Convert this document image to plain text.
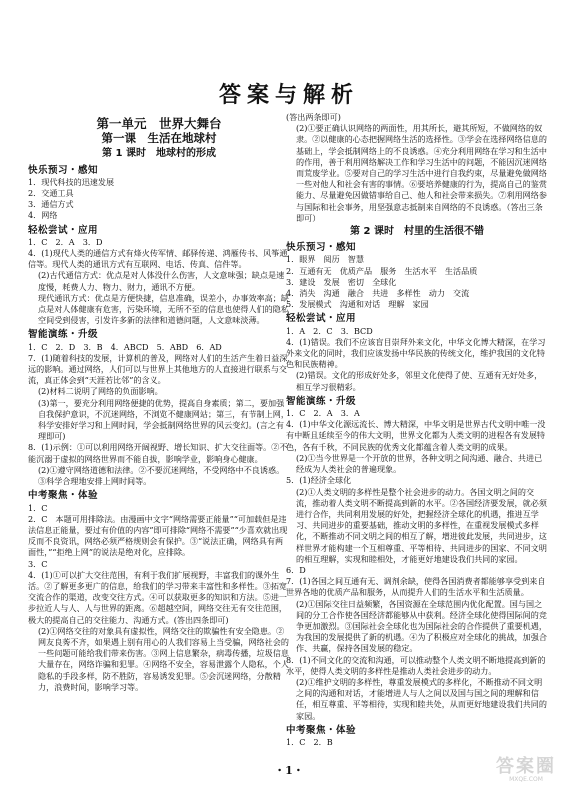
答案与解析
第一单元　世界大舞台
第一课　生活在地球村
第 1 课时　地球村的形成
快乐预习・感知

1．现代科技的迅速发展

2．交通工具

3．通信方式

4．网络

轻松尝试・应用

1．C　2．A　3．D

4．(1)现代人类的通信方式有烽火传军情、邮驿传递、鸿雁传书、风筝通信等。现代人类的通讯方式有互联网、电话、传真、信件等。

(2)古代通信方式：优点是对人体没什么伤害，人文意味强；缺点是速度慢，耗费人力、物力、财力，通讯不方便。

现代通讯方式：优点是方便快捷，信息准确，误差小，办事效率高；缺点是对人体健康有危害，污染环境，无所不至的信息也使得人们的隐私空间受到侵害，引发许多新的法律和道德问题，人文意味淡薄。

智能演练・升级

1．C　2．D　3．B　4．ABCD　5．ABD　6．AD

7．(1)随着科技的发展，计算机的普及，网络对人们的生活产生着日益深远的影响。通过网络，人们可以与世界上其他地方的人直接进行联系与交流，真正体会到“天涯若比邻”的含义。

(2)材料二说明了网络的负面影响。

(3)第一，要充分利用网络便捷的优势，提高自身素质；第二，要加强自我保护意识，不沉迷网络，不浏览不健康网站；第三，有节制上网，科学安排好学习和上网时间，学会抵制网络世界的风云变幻。(言之有理即可)

8．(1)示例：①可以利用网络开阔视野、增长知识、扩大交往面等。②不能沉溺于虚拟的网络世界而不能自拔，影响学业，影响身心健康。

(2)①遵守网络道德和法律。②不要沉迷网络，不受网络中不良诱惑。③科学合理地安排上网时间等。

中考聚焦・体验

1．C

2．C　本题可用排除法。由漫画中文字“网络需要正能量”“可加载但是违法信息正能量，要过有价值的内容”即可排除“网络不需要”“少喜欢就出现反而不良资讯，网络必须严格规则会有保护。③“说法正确，网络具有两面性，”“拒绝上网”的说法是绝对化，应排除。

3．C

4．(1)①可以扩大交往范围，有利于我们扩展视野，丰富我们的课外生活。②了解更多更广的信息，给我们的学习带来丰富性和多样性。③拓宽交流合作的渠道，改变交往方式。④可以获取更多的知识和方法。⑤进一步拉近人与人、人与世界的距离。⑥超越空间，网络交往无有交往范围，极大的提高自己的交往能力、沟通方式。(答出四条即可)

(2)①网络交往的对象具有虚拟性，网络交往的欺骗性有安全隐患。②网友良莠不齐，如果遇上别有用心的人我们容易上当受骗，网络社会的一些问题可能给我们带来伤害。③网上信息繁杂，病毒传播，垃圾信息大量存在，网络诈骗和犯罪。④网络不安全，容易泄露个人隐私，个人隐私的手段多样，防不胜防，容易诱发犯罪。⑤会沉迷网络，分散精力，浪费时间，影响学习等。

(答出两条即可)

(2)①要正确认识网络的两面性，用其所长，避其所短，不做网络的奴隶。②以健康的心态把握网络生活的选择性。③学会在选择网络信息的基础上，学会抵制网络上的不良诱惑。④充分利用网络在学习和生活中的作用，善于利用网络解决工作和学习生活中的问题，不能因沉迷网络而荒废学业。⑤要对自己的学习生活中进行自我约束，尽量避免做网络一些对他人和社会有害的事情。⑥要培养健康的行为，提高自己的鉴赏能力、尽量避免因做错事给自己、他人和社会带来损失。⑦利用网络参与国际和社会事务，用坚强意志抵制来自网络的不良诱惑。（答出三条即可）

第 2 课时　村里的生活很不错
快乐预习・感知

1．眼界　阅历　智慧

2．互通有无　优质产品　服务　生活水平　生活品质

3．建设　发展　密切　全球化

4．消失　沟通　融合　共进　多样性　动力　交流

5．发展模式　沟通和对话　理解　家园

轻松尝试・应用

1．A　2．C　3．BCD

4．(1)错误。我们不应该盲目崇拜外来文化，中华文化博大精深，在学习外来文化的同时，我们应该发扬中华民族的传统文化，维护我国的文化特色和民族精神。

(2)错误。文化的形成好处多，邻里文化使得了使、互通有无好处多，相互学习很精彩。

智能演练・升级

1．C　2．A　3．A

4．(1)中华文化源远流长、博大精深，中华文明是世界古代文明中唯一没有中断且延续至今的伟大文明，世界文化都为人类文明的进程各有发展特色，各有千秋，不同民族的优秀文化都蕴含着人类文明的成果。

(2)①当今世界是一个开放的世界，各种文明之间沟通、融合、共进已经成为人类社会的普遍现象。

5．(1)经济全球化

(2)①人类文明的多样性是整个社会进步的动力。各国文明之间的交流，推动着人类文明不断提高到新的水平。②各国经济要发展，就必须进行合作，共同利用发展的好处，把握经济全球化的机遇，推进互学习、共同进步的重要基础，推动文明的多样性，在重视发展模式多样化，不断推动不同文明之间的相互了解，增进彼此发展，共同进步，这样世界才能构建一个互相尊重、平等相待、共同进步的国家、不同文明的相互理解，实现和睦相处，才能更好地建设我们共同的家园。

6．D

7．(1)各国之间互通有无、调剂余缺，使得各国消费者都能够享受到来自世界各地的优质产品和服务，从而提升人们的生活水平和生活质量。

(2)①国际交往日益频繁，各国资源在全球范围内优化配置。国与国之间的分工合作使各国经济都能够从中获利。经济全球化使得国际间的竞争更加激烈。③国际社会全球化也为国际社会的合作提供了重要机遇，为我国的发展提供了新的机遇。④为了积极应对全球化的挑战，加强合作、共赢，保持各国发展的稳定。

8．(1)不同文化的交流和沟通，可以推动整个人类文明不断地提高到新的水平，使得人类文明的多样性是推动人类社会进步的动力。

(2)①维护文明的多样性，尊重发展模式的多样化，不断推动不同文明之间的沟通和对话，才能增进人与人之间以及国与国之间的理解和信任，相互尊重、平等相待，实现和睦共处，从而更好地建设我们共同的家园。

中考聚焦・体验

1．C　2．B

・1・	答案圈
MXQE.COM
